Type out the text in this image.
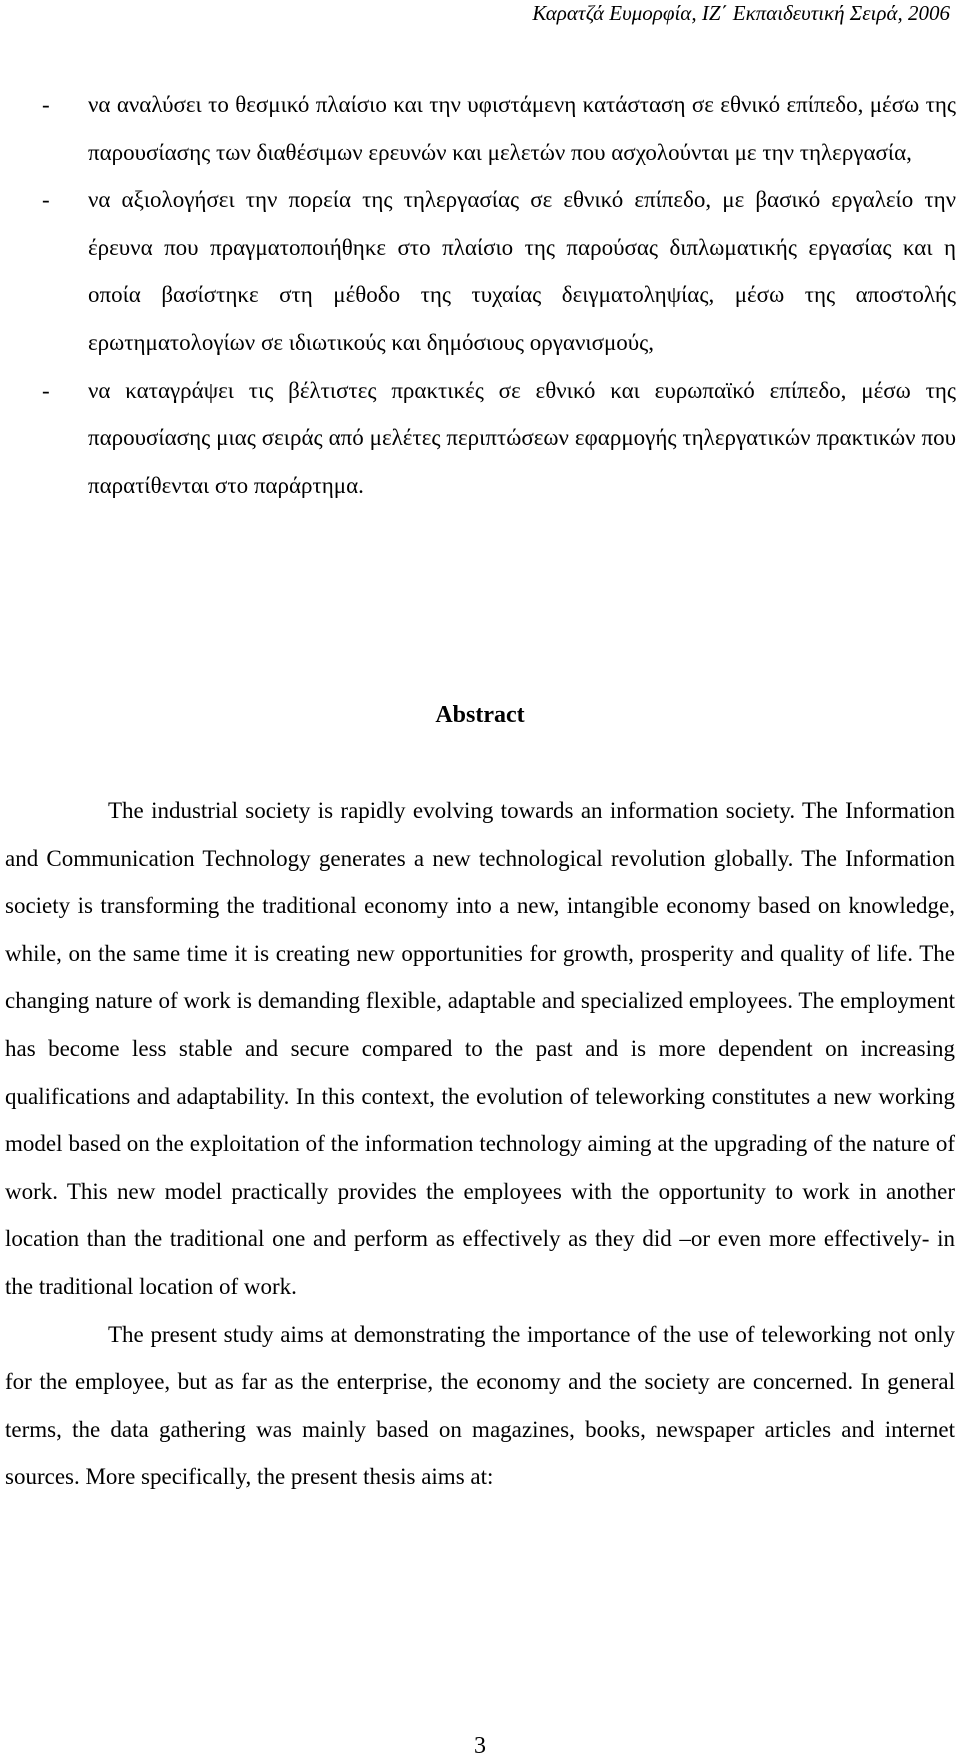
Καρατζά Ευμορφία, ΙΖ΄ Εκπαιδευτική Σειρά, 2006
- να αναλύσει το θεσμικό πλαίσιο και την υφιστάμενη κατάσταση σε εθνικό επίπεδο, μέσω της παρουσίασης των διαθέσιμων ερευνών και μελετών που ασχολούνται με την τηλεργασία,
- να αξιολογήσει την πορεία της τηλεργασίας σε εθνικό επίπεδο, με βασικό εργαλείο την έρευνα που πραγματοποιήθηκε στο πλαίσιο της παρούσας διπλωματικής εργασίας και η οποία βασίστηκε στη μέθοδο της τυχαίας δειγματοληψίας, μέσω της αποστολής ερωτηματολογίων σε ιδιωτικούς και δημόσιους οργανισμούς,
- να καταγράψει τις βέλτιστες πρακτικές σε εθνικό και ευρωπαϊκό επίπεδο, μέσω της παρουσίασης μιας σειράς από μελέτες περιπτώσεων εφαρμογής τηλεργατικών πρακτικών που παρατίθενται στο παράρτημα.
Abstract

The industrial society is rapidly evolving towards an information society. The Information and Communication Technology generates a new technological revolution globally. The Information society is transforming the traditional economy into a new, intangible economy based on knowledge, while, on the same time it is creating new opportunities for growth, prosperity and quality of life. The changing nature of work is demanding flexible, adaptable and specialized employees. The employment has become less stable and secure compared to the past and is more dependent on increasing qualifications and adaptability. In this context, the evolution of teleworking constitutes a new working model based on the exploitation of the information technology aiming at the upgrading of the nature of work. This new model practically provides the employees with the opportunity to work in another location than the traditional one and perform as effectively as they did –or even more effectively- in the traditional location of work.

The present study aims at demonstrating the importance of the use of teleworking not only for the employee, but as far as the enterprise, the economy and the society are concerned. In general terms, the data gathering was mainly based on magazines, books, newspaper articles and internet sources. More specifically, the present thesis aims at:

3
